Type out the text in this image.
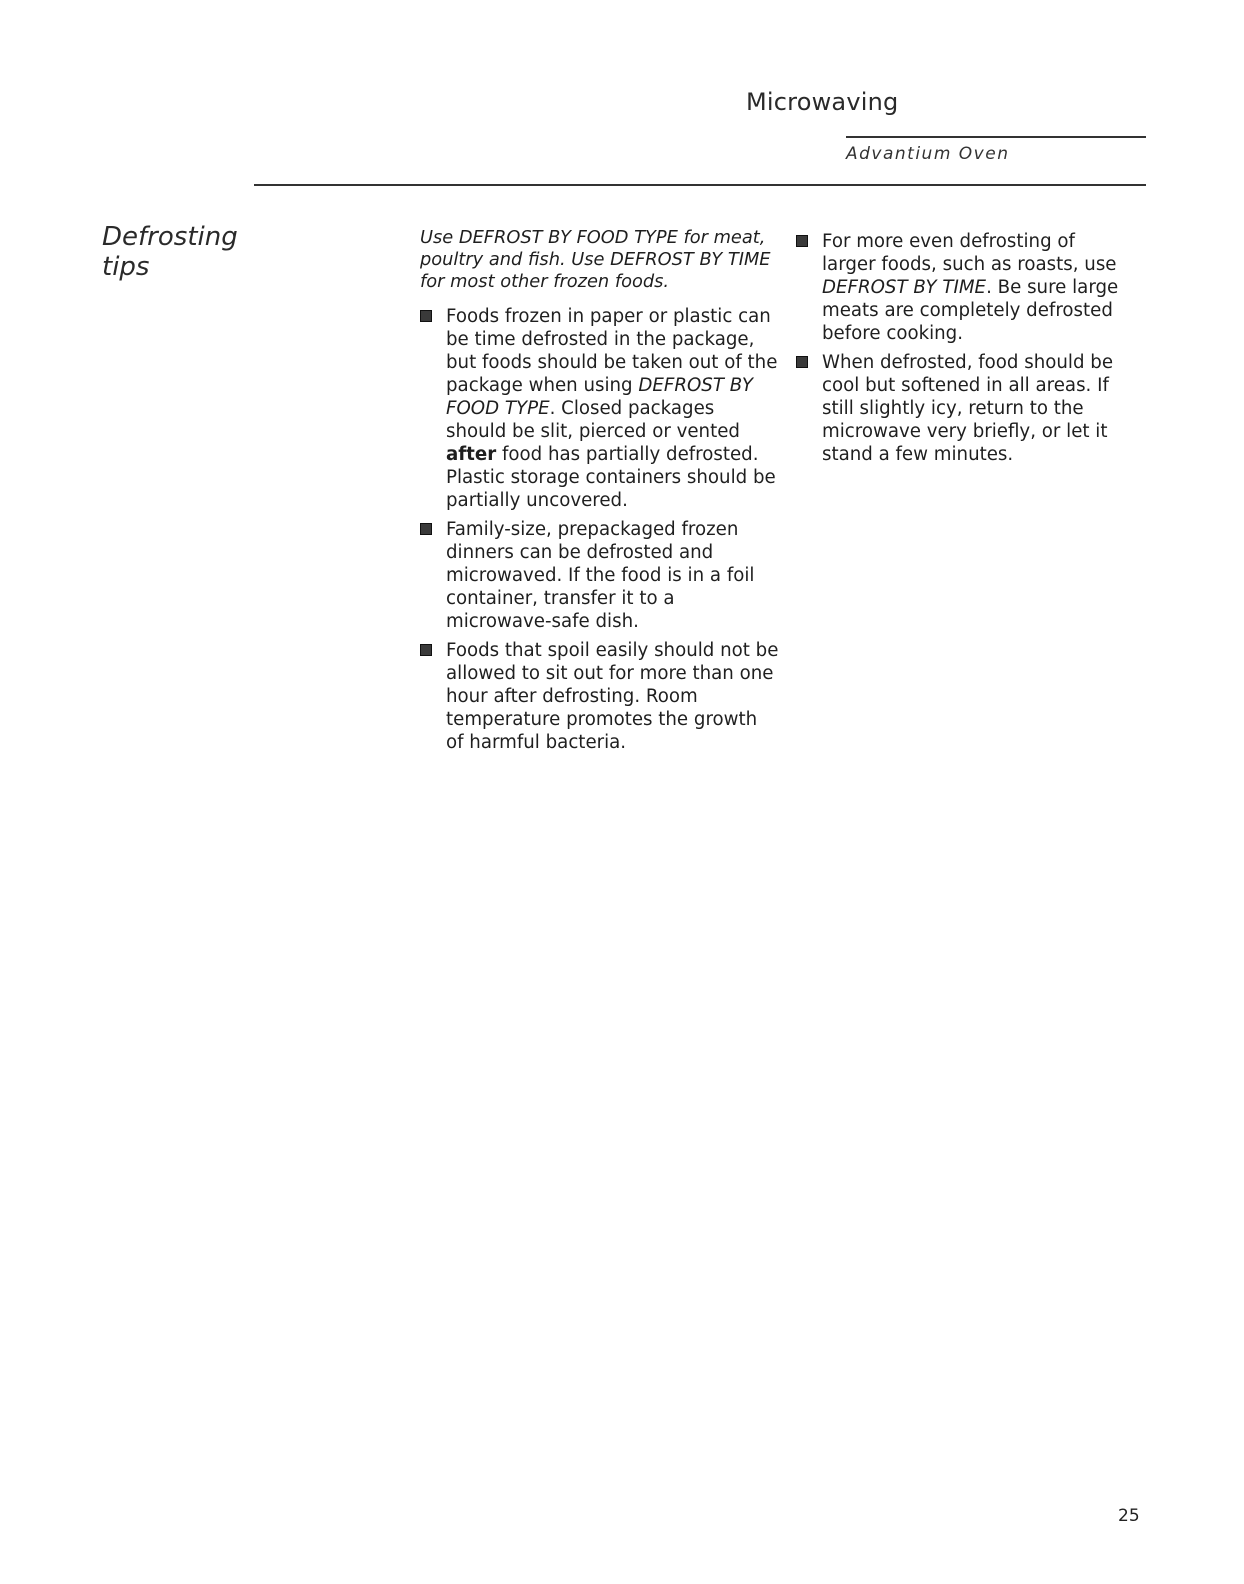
Microwaving
Advantium Oven
Defrosting
tips

Use DEFROST BY FOOD TYPE for meat, poultry and fish. Use DEFROST BY TIME for most other frozen foods.

Foods frozen in paper or plastic can be time defrosted in the package, but foods should be taken out of the package when using DEFROST BY FOOD TYPE. Closed packages should be slit, pierced or vented after food has partially defrosted. Plastic storage containers should be partially uncovered.
Family-size, prepackaged frozen dinners can be defrosted and microwaved. If the food is in a foil container, transfer it to a microwave-safe dish.
Foods that spoil easily should not be allowed to sit out for more than one hour after defrosting. Room temperature promotes the growth of harmful bacteria.
For more even defrosting of larger foods, such as roasts, use DEFROST BY TIME. Be sure large meats are completely defrosted before cooking.
When defrosted, food should be cool but softened in all areas. If still slightly icy, return to the microwave very briefly, or let it stand a few minutes.
25
